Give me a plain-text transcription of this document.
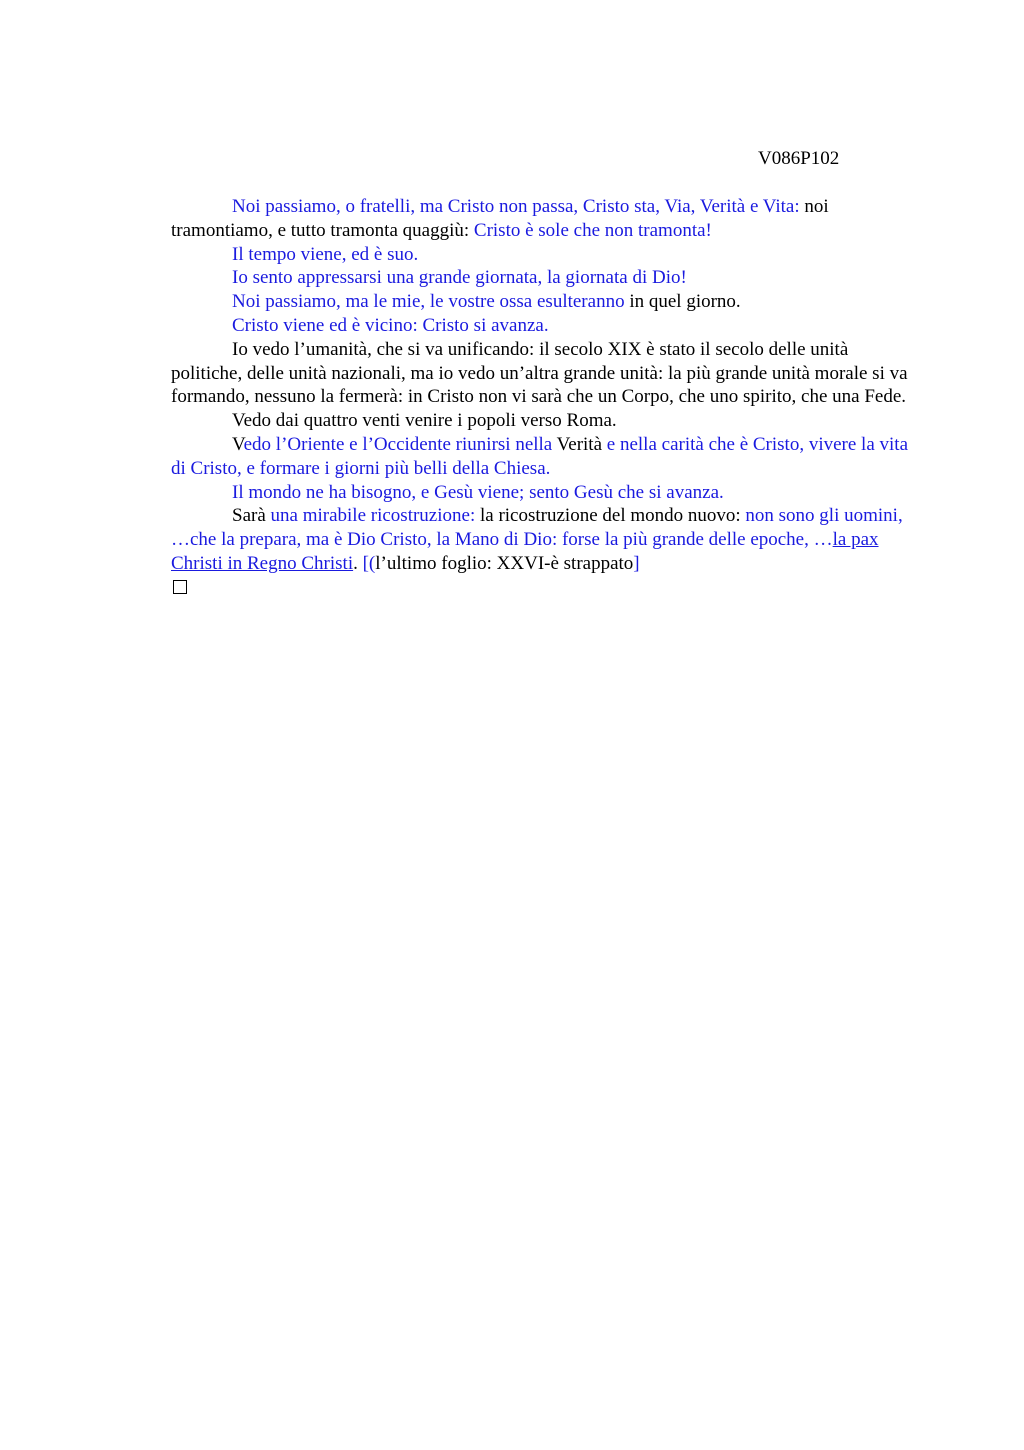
V086P102

Noi passiamo, o fratelli, ma Cristo non passa, Cristo sta, Via, Verità e Vita: noi tramontiamo, e tutto tramonta quaggiù: Cristo è sole che non tramonta!

Il tempo viene, ed è suo.

Io sento appressarsi una grande giornata, la giornata di Dio!

Noi passiamo, ma le mie, le vostre ossa esulteranno in quel giorno.

Cristo viene ed è vicino: Cristo si avanza.

Io vedo l’umanità, che si va unificando: il secolo XIX è stato il secolo delle unità politiche, delle unità nazionali, ma io vedo un’altra grande unità: la più grande unità morale si va formando, nessuno la fermerà: in Cristo non vi sarà che un Corpo, che uno spirito, che una Fede.

Vedo dai quattro venti venire i popoli verso Roma.

Vedo l’Oriente e l’Occidente riunirsi nella Verità e nella carità che è Cristo, vivere la vita di Cristo, e formare i giorni più belli della Chiesa.

Il mondo ne ha bisogno, e Gesù viene; sento Gesù che si avanza.

Sarà una mirabile ricostruzione: la ricostruzione del mondo nuovo: non sono gli uomini, …che la prepara, ma è Dio Cristo, la Mano di Dio: forse la più grande delle epoche, …la pax Christi in Regno Christi. [(l’ultimo foglio: XXVI-è strappato]
